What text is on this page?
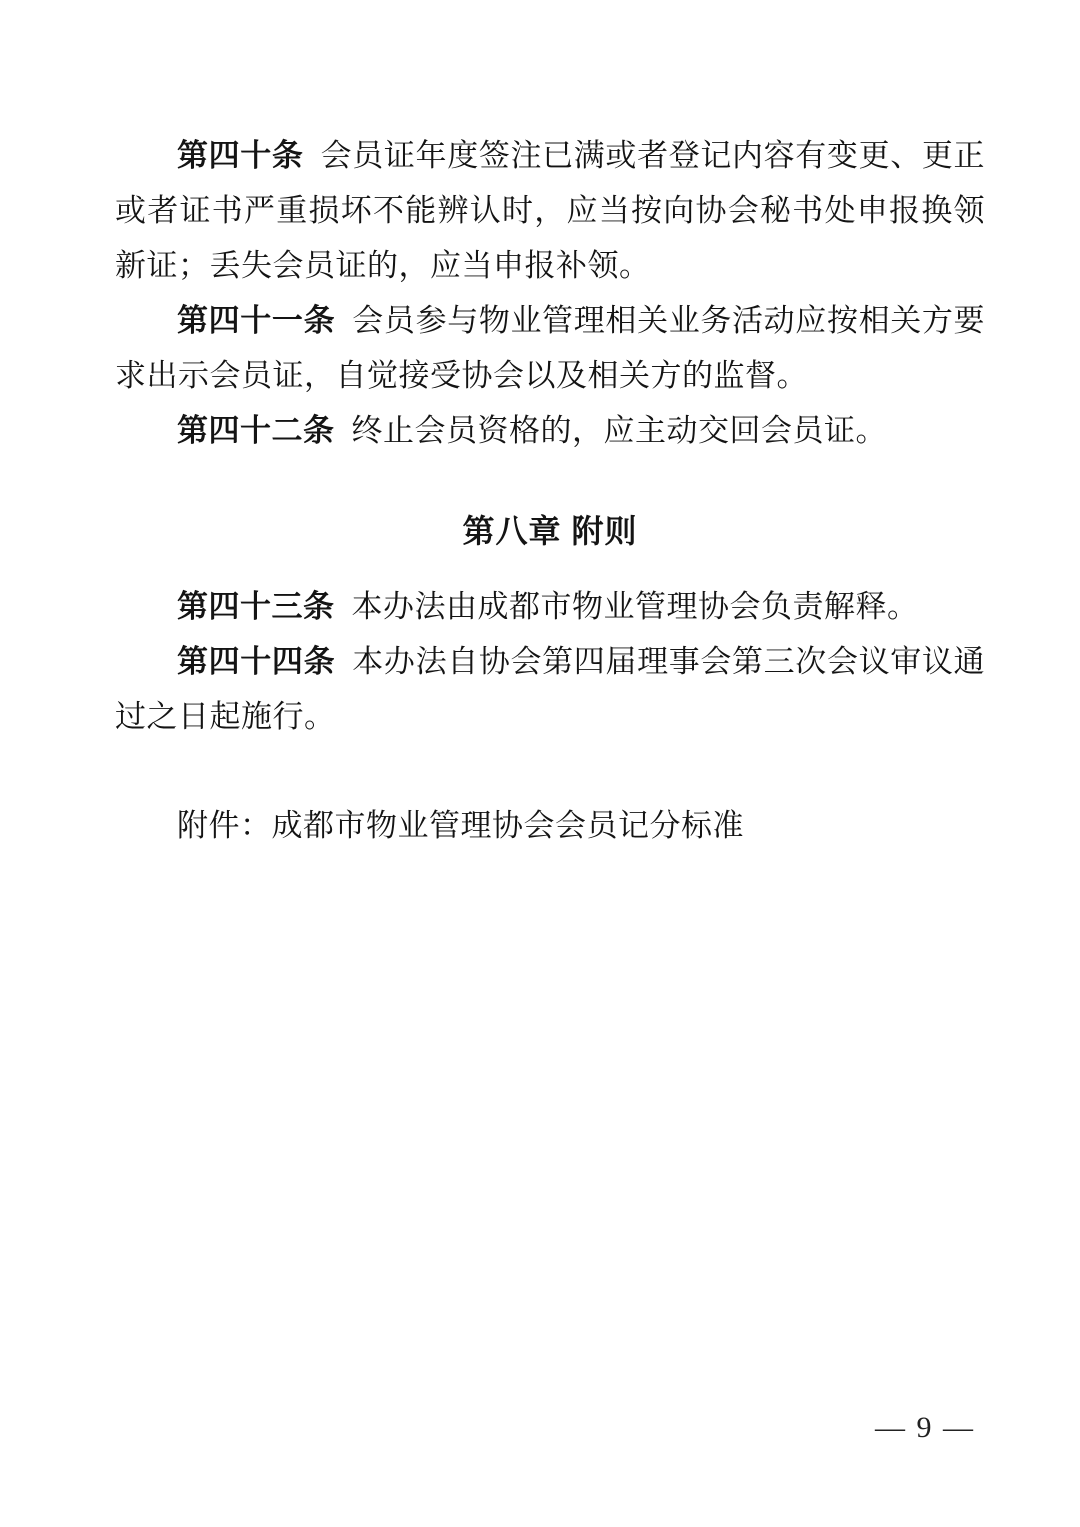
第四十条 会员证年度签注已满或者登记内容有变更、更正或者证书严重损坏不能辨认时，应当按向协会秘书处申报换领新证；丢失会员证的，应当申报补领。

第四十一条 会员参与物业管理相关业务活动应按相关方要求出示会员证，自觉接受协会以及相关方的监督。

第四十二条 终止会员资格的，应主动交回会员证。

第八章 附则

第四十三条 本办法由成都市物业管理协会负责解释。

第四十四条 本办法自协会第四届理事会第三次会议审议通过之日起施行。

附件：成都市物业管理协会会员记分标准

— 9 —
